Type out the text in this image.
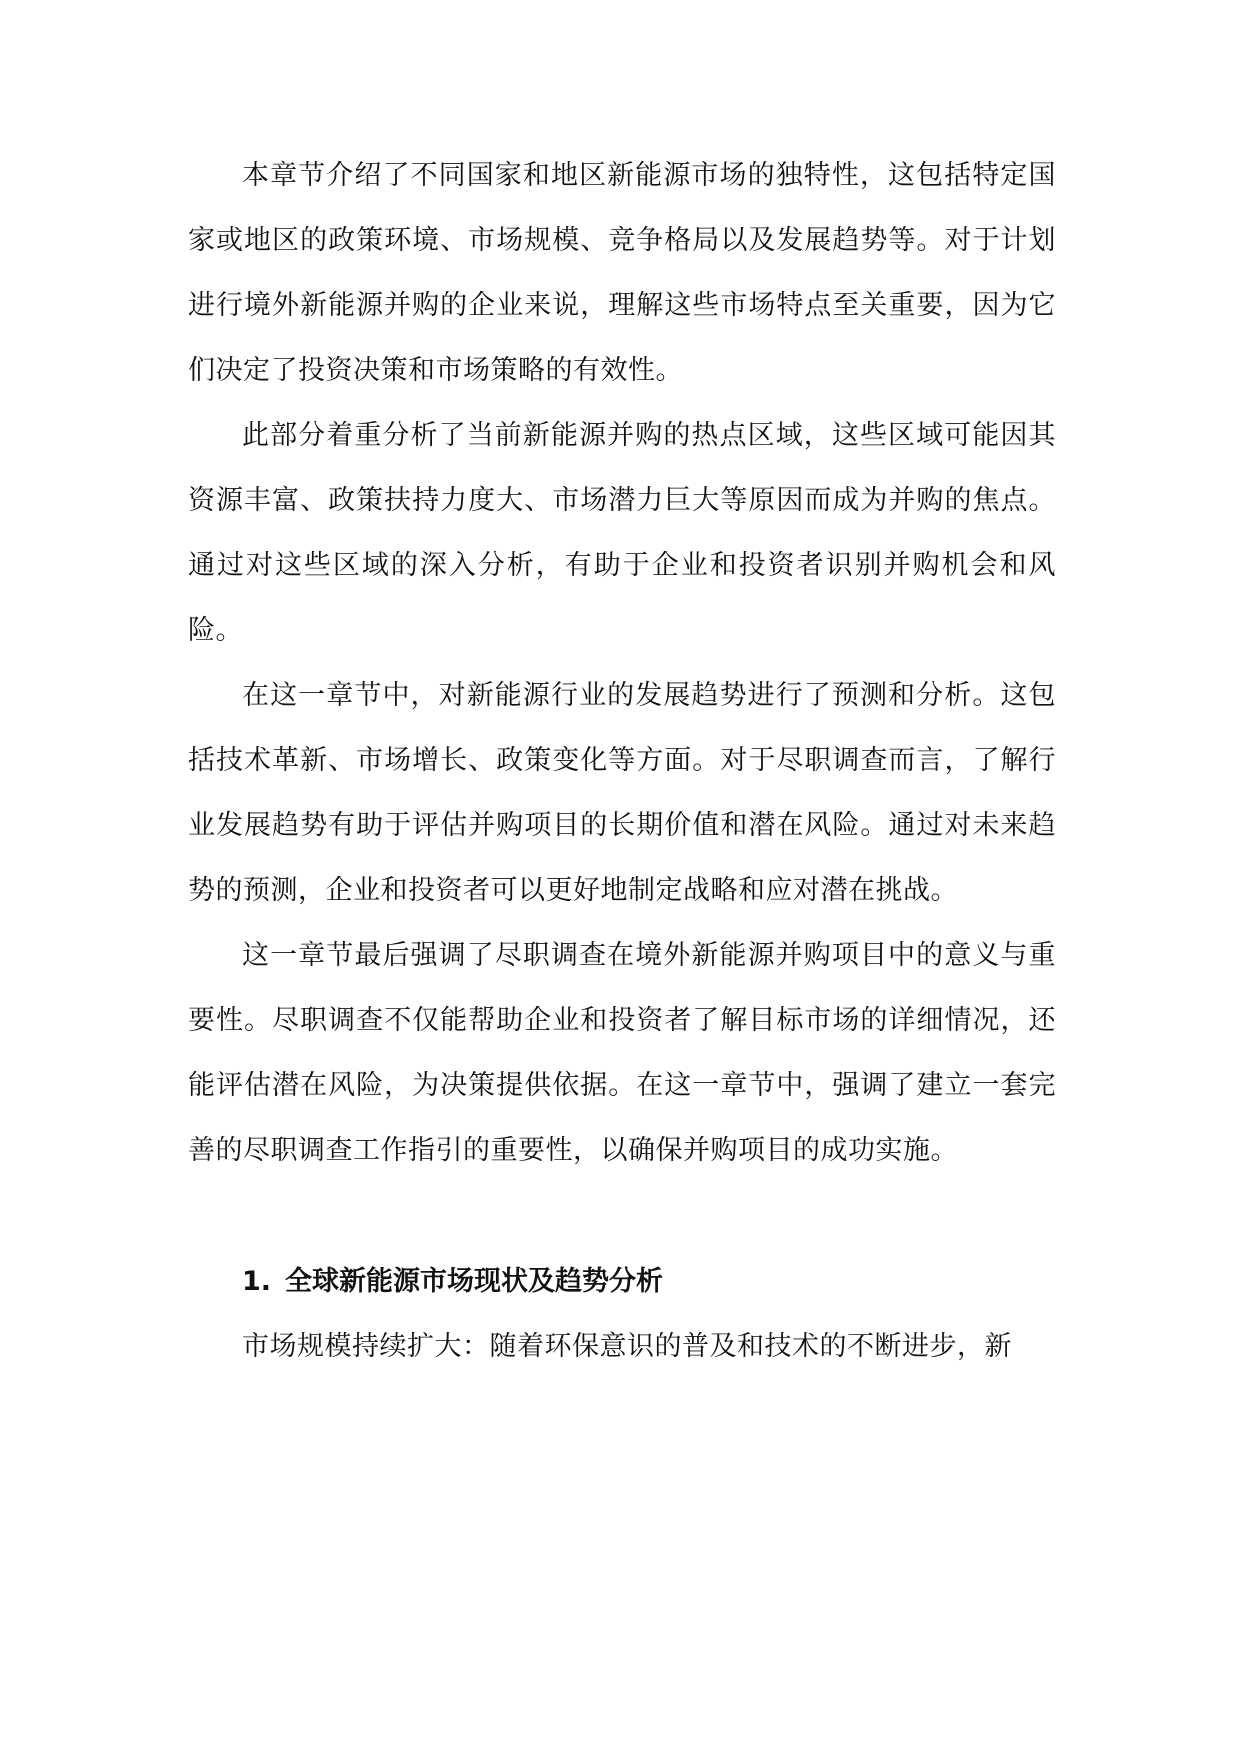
本章节介绍了不同国家和地区新能源市场的独特性，这包括特定国家或地区的政策环境、市场规模、竞争格局以及发展趋势等。对于计划进行境外新能源并购的企业来说，理解这些市场特点至关重要，因为它们决定了投资决策和市场策略的有效性。

此部分着重分析了当前新能源并购的热点区域，这些区域可能因其资源丰富、政策扶持力度大、市场潜力巨大等原因而成为并购的焦点。通过对这些区域的深入分析，有助于企业和投资者识别并购机会和风险。

在这一章节中，对新能源行业的发展趋势进行了预测和分析。这包括技术革新、市场增长、政策变化等方面。对于尽职调查而言，了解行业发展趋势有助于评估并购项目的长期价值和潜在风险。通过对未来趋势的预测，企业和投资者可以更好地制定战略和应对潜在挑战。

这一章节最后强调了尽职调查在境外新能源并购项目中的意义与重要性。尽职调查不仅能帮助企业和投资者了解目标市场的详细情况，还能评估潜在风险，为决策提供依据。在这一章节中，强调了建立一套完善的尽职调查工作指引的重要性，以确保并购项目的成功实施。

1. 全球新能源市场现状及趋势分析

市场规模持续扩大：随着环保意识的普及和技术的不断进步，新
